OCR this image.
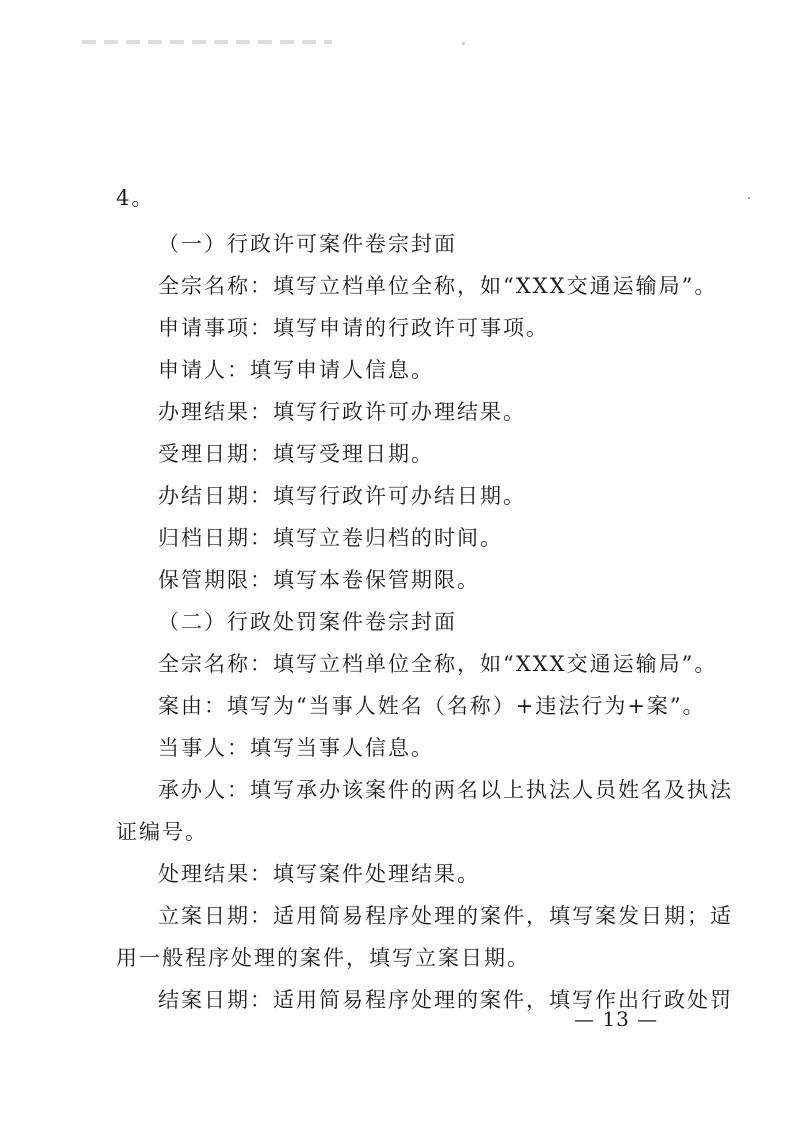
4。

（一）行政许可案件卷宗封面

全宗名称：填写立档单位全称，如“XXX交通运输局”。

申请事项：填写申请的行政许可事项。

申请人：填写申请人信息。

办理结果：填写行政许可办理结果。

受理日期：填写受理日期。

办结日期：填写行政许可办结日期。

归档日期：填写立卷归档的时间。

保管期限：填写本卷保管期限。

（二）行政处罚案件卷宗封面

全宗名称：填写立档单位全称，如“XXX交通运输局”。

案由：填写为“当事人姓名（名称）+违法行为+案”。

当事人：填写当事人信息。

承办人：填写承办该案件的两名以上执法人员姓名及执法

证编号。

处理结果：填写案件处理结果。

立案日期：适用简易程序处理的案件，填写案发日期；适

用一般程序处理的案件，填写立案日期。

结案日期：适用简易程序处理的案件，填写作出行政处罚

— 13 —
